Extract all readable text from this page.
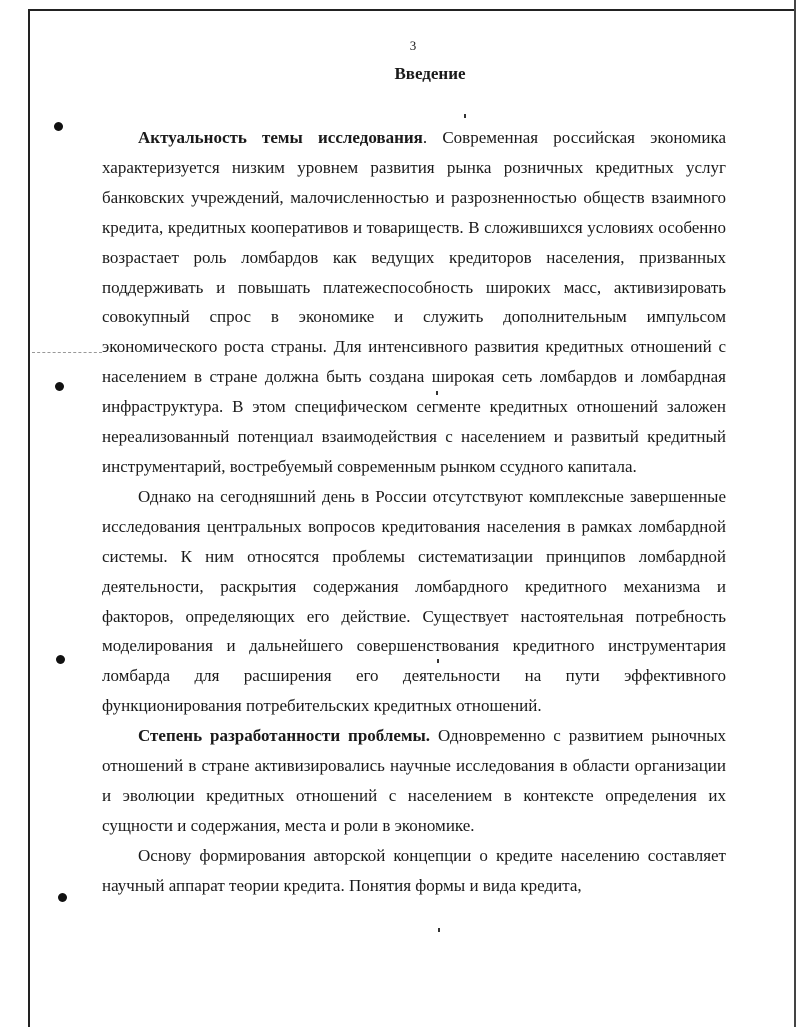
3
Введение

Актуальность темы исследования. Современная российская экономика характеризуется низким уровнем развития рынка розничных кредитных услуг банковских учреждений, малочисленностью и разрозненностью обществ взаимного кредита, кредитных кооперативов и товариществ. В сложившихся условиях особенно возрастает роль ломбардов как ведущих кредиторов населения, призванных поддерживать и повышать платежеспособность широких масс, активизировать совокупный спрос в экономике и служить дополнительным импульсом экономического роста страны. Для интенсивного развития кредитных отношений с населением в стране должна быть создана широкая сеть ломбардов и ломбардная инфраструктура. В этом специфическом сегменте кредитных отношений заложен нереализованный потенциал взаимодействия с населением и развитый кредитный инструментарий, востребуемый современным рынком ссудного капитала.

Однако на сегодняшний день в России отсутствуют комплексные завершенные исследования центральных вопросов кредитования населения в рамках ломбардной системы. К ним относятся проблемы систематизации принципов ломбардной деятельности, раскрытия содержания ломбардного кредитного механизма и факторов, определяющих его действие. Существует настоятельная потребность моделирования и дальнейшего совершенствования кредитного инструментария ломбарда для расширения его деятельности на пути эффективного функционирования потребительских кредитных отношений.

Степень разработанности проблемы. Одновременно с развитием рыночных отношений в стране активизировались научные исследования в области организации и эволюции кредитных отношений с населением в контексте определения их сущности и содержания, места и роли в экономике.

Основу формирования авторской концепции о кредите населению составляет научный аппарат теории кредита. Понятия формы и вида кредита,
